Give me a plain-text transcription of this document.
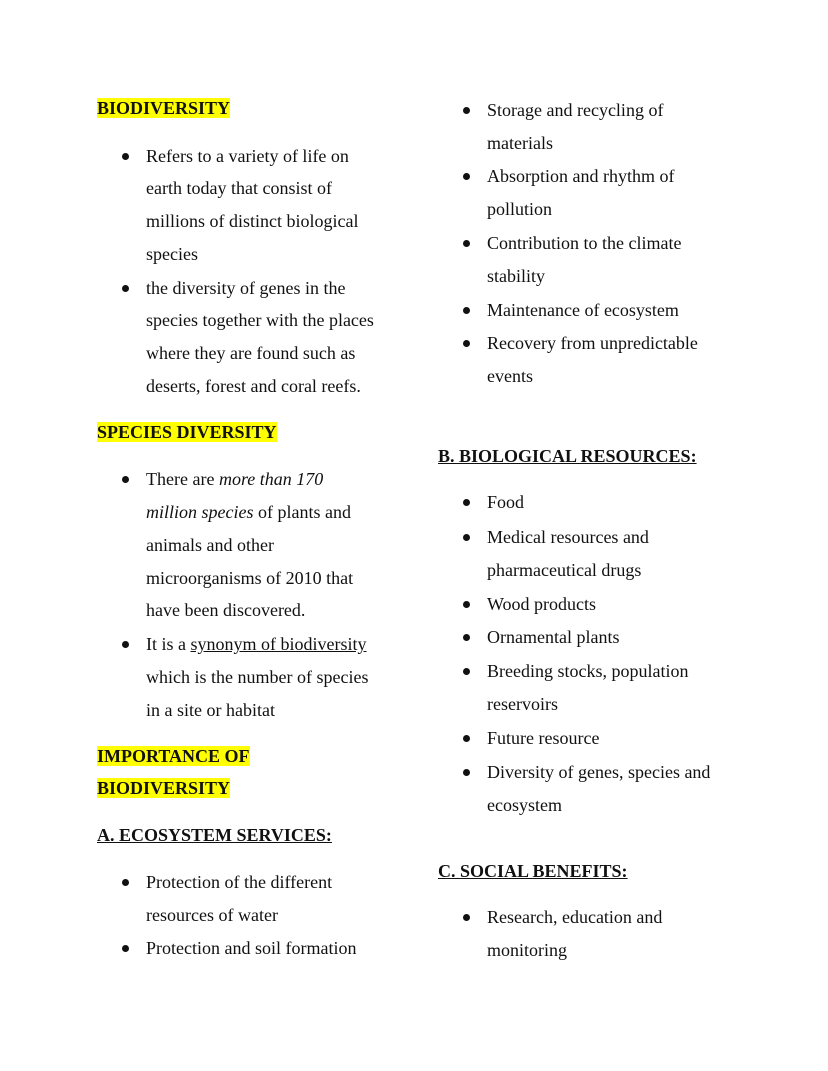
BIODIVERSITY
Refers to a variety of life on
earth today that consist of
millions of distinct biological
species
the diversity of genes in the
species together with the places
where they are found such as
deserts, forest and coral reefs.
SPECIES DIVERSITY
There are more than 170
million species of plants and
animals and other
microorganisms of 2010 that
have been discovered.
It is a synonym of biodiversity
which is the number of species
in a site or habitat
IMPORTANCE OF
BIODIVERSITY
A. ECOSYSTEM SERVICES:
Protection of the different
resources of water
Protection and soil formation
Storage and recycling of
materials
Absorption and rhythm of
pollution
Contribution to the climate
stability
Maintenance of ecosystem
Recovery from unpredictable
events
B. BIOLOGICAL RESOURCES:
Food
Medical resources and
pharmaceutical drugs
Wood products
Ornamental plants
Breeding stocks, population
reservoirs
Future resource
Diversity of genes, species and
ecosystem
C. SOCIAL BENEFITS:
Research, education and
monitoring
